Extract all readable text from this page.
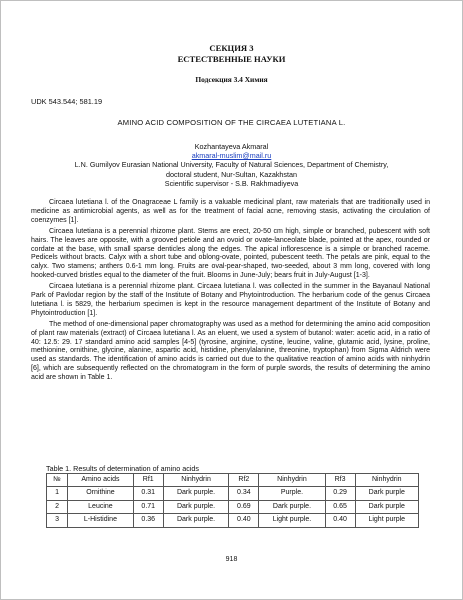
СЕКЦИЯ 3
ЕСТЕСТВЕННЫЕ НАУКИ
Подсекция 3.4 Химия
UDK 543.544; 581.19
AMINO ACID COMPOSITION OF THE CIRCAEA LUTETIANA L.
Kozhantayeva Akmaral
akmaral-muslim@mail.ru
L.N. Gumilyov Eurasian National University, Faculty of Natural Sciences, Department of Chemistry, doctoral student, Nur-Sultan, Kazakhstan
Scientific supervisor - S.B. Rakhmadiyeva

Circaea lutetiana l. of the Onagraceae L family is a valuable medicinal plant, raw materials that are traditionally used in medicine as antimicrobial agents, as well as for the treatment of facial acne, removing stasis, activating the circulation of coenzymes [1].

Circaea lutetiana is a perennial rhizome plant. Stems are erect, 20-50 cm high, simple or branched, pubescent with soft hairs. The leaves are opposite, with a grooved petiole and an ovoid or ovate-lanceolate blade, pointed at the apex, rounded or cordate at the base, with small sparse denticles along the edges. The apical inflorescence is a simple or branched raceme. Pedicels without bracts. Calyx with a short tube and oblong-ovate, pointed, pubescent teeth. The petals are pink, equal to the calyx. Two stamens; anthers 0.6-1 mm long. Fruits are oval-pear-shaped, two-seeded, about 3 mm long, covered with long hooked-curved bristles equal to the diameter of the fruit. Blooms in June-July; bears fruit in July-August [1-3].

Circaea lutetiana is a perennial rhizome plant. Circaea lutetiana l. was collected in the summer in the Bayanaul National Park of Pavlodar region by the staff of the Institute of Botany and Phytointroduction. The herbarium code of the genus Circaea lutetiana l. is 5829, the herbarium specimen is kept in the resource management department of the Institute of Botany and Phytointroduction [1].

The method of one-dimensional paper chromatography was used as a method for determining the amino acid composition of plant raw materials (extract) of Circaea lutetiana l. As an eluent, we used a system of butanol: water: acetic acid, in a ratio of 40: 12.5: 29. 17 standard amino acid samples [4-5] (tyrosine, arginine, cystine, leucine, valine, glutamic acid, lysine, proline, methionine, ornithine, glycine, alanine, aspartic acid, histidine, phenylalanine, threonine, tryptophan) from Sigma Aldrich were used as standards. The identification of amino acids is carried out due to the qualitative reaction of amino acids with ninhydrin [6], which are subsequently reflected on the chromatogram in the form of purple swords, the results of determining the amino acid are shown in Table 1.

Table 1. Results of determination of amino acids
№	Amino acids	Rf1	Ninhydrin	Rf2	Ninhydrin	Rf3	Ninhydrin
1	Ornithine	0.31	Dark purple.	0.34	Purple.	0.29	Dark purple
2	Leucine	0.71	Dark purple.	0.69	Dark purple.	0.65	Dark purple
3	L-Histidine	0.36	Dark purple.	0.40	Light purple.	0.40	Light purple
918
